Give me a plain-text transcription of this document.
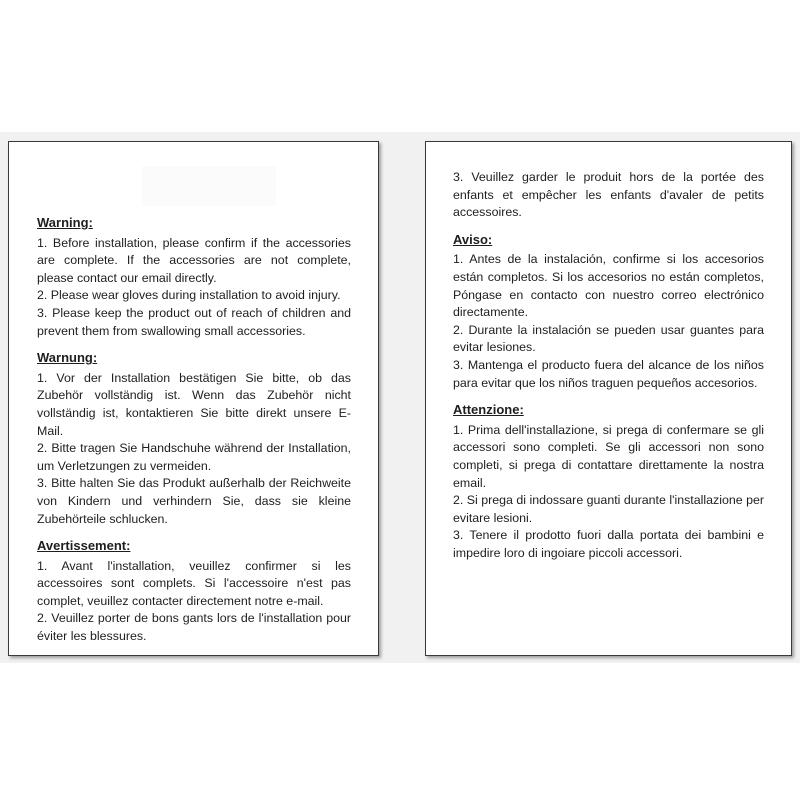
Warning:

1. Before installation, please confirm if the accessories are complete. If the accessories are not complete, please contact our email directly.

2. Please wear gloves during installation to avoid injury.

3. Please keep the product out of reach of children and prevent them from swallowing small accessories.

Warnung:

1. Vor der Installation bestätigen Sie bitte, ob das Zubehör vollständig ist. Wenn das Zubehör nicht vollständig ist, kontaktieren Sie bitte direkt unsere E-Mail.

2. Bitte tragen Sie Handschuhe während der Installation, um Verletzungen zu vermeiden.

3. Bitte halten Sie das Produkt außerhalb der Reichweite von Kindern und verhindern Sie, dass sie kleine Zubehörteile schlucken.

Avertissement:

1. Avant l'installation, veuillez confirmer si les accessoires sont complets. Si l'accessoire n'est pas complet, veuillez contacter directement notre e-mail.

2. Veuillez porter de bons gants lors de l'installation pour éviter les blessures.

3. Veuillez garder le produit hors de la portée des enfants et empêcher les enfants d'avaler de petits accessoires.

Aviso:

1. Antes de la instalación, confirme si los accesorios están completos. Si los accesorios no están completos, Póngase en contacto con nuestro correo electrónico directamente.

2. Durante la instalación se pueden usar guantes para evitar lesiones.

3. Mantenga el producto fuera del alcance de los niños para evitar que los niños traguen pequeños accesorios.

Attenzione:

1. Prima dell'installazione, si prega di confermare se gli accessori sono completi. Se gli accessori non sono completi, si prega di contattare direttamente la nostra email.

2. Si prega di indossare guanti durante l'installazione per evitare lesioni.

3. Tenere il prodotto fuori dalla portata dei bambini e impedire loro di ingoiare piccoli accessori.
